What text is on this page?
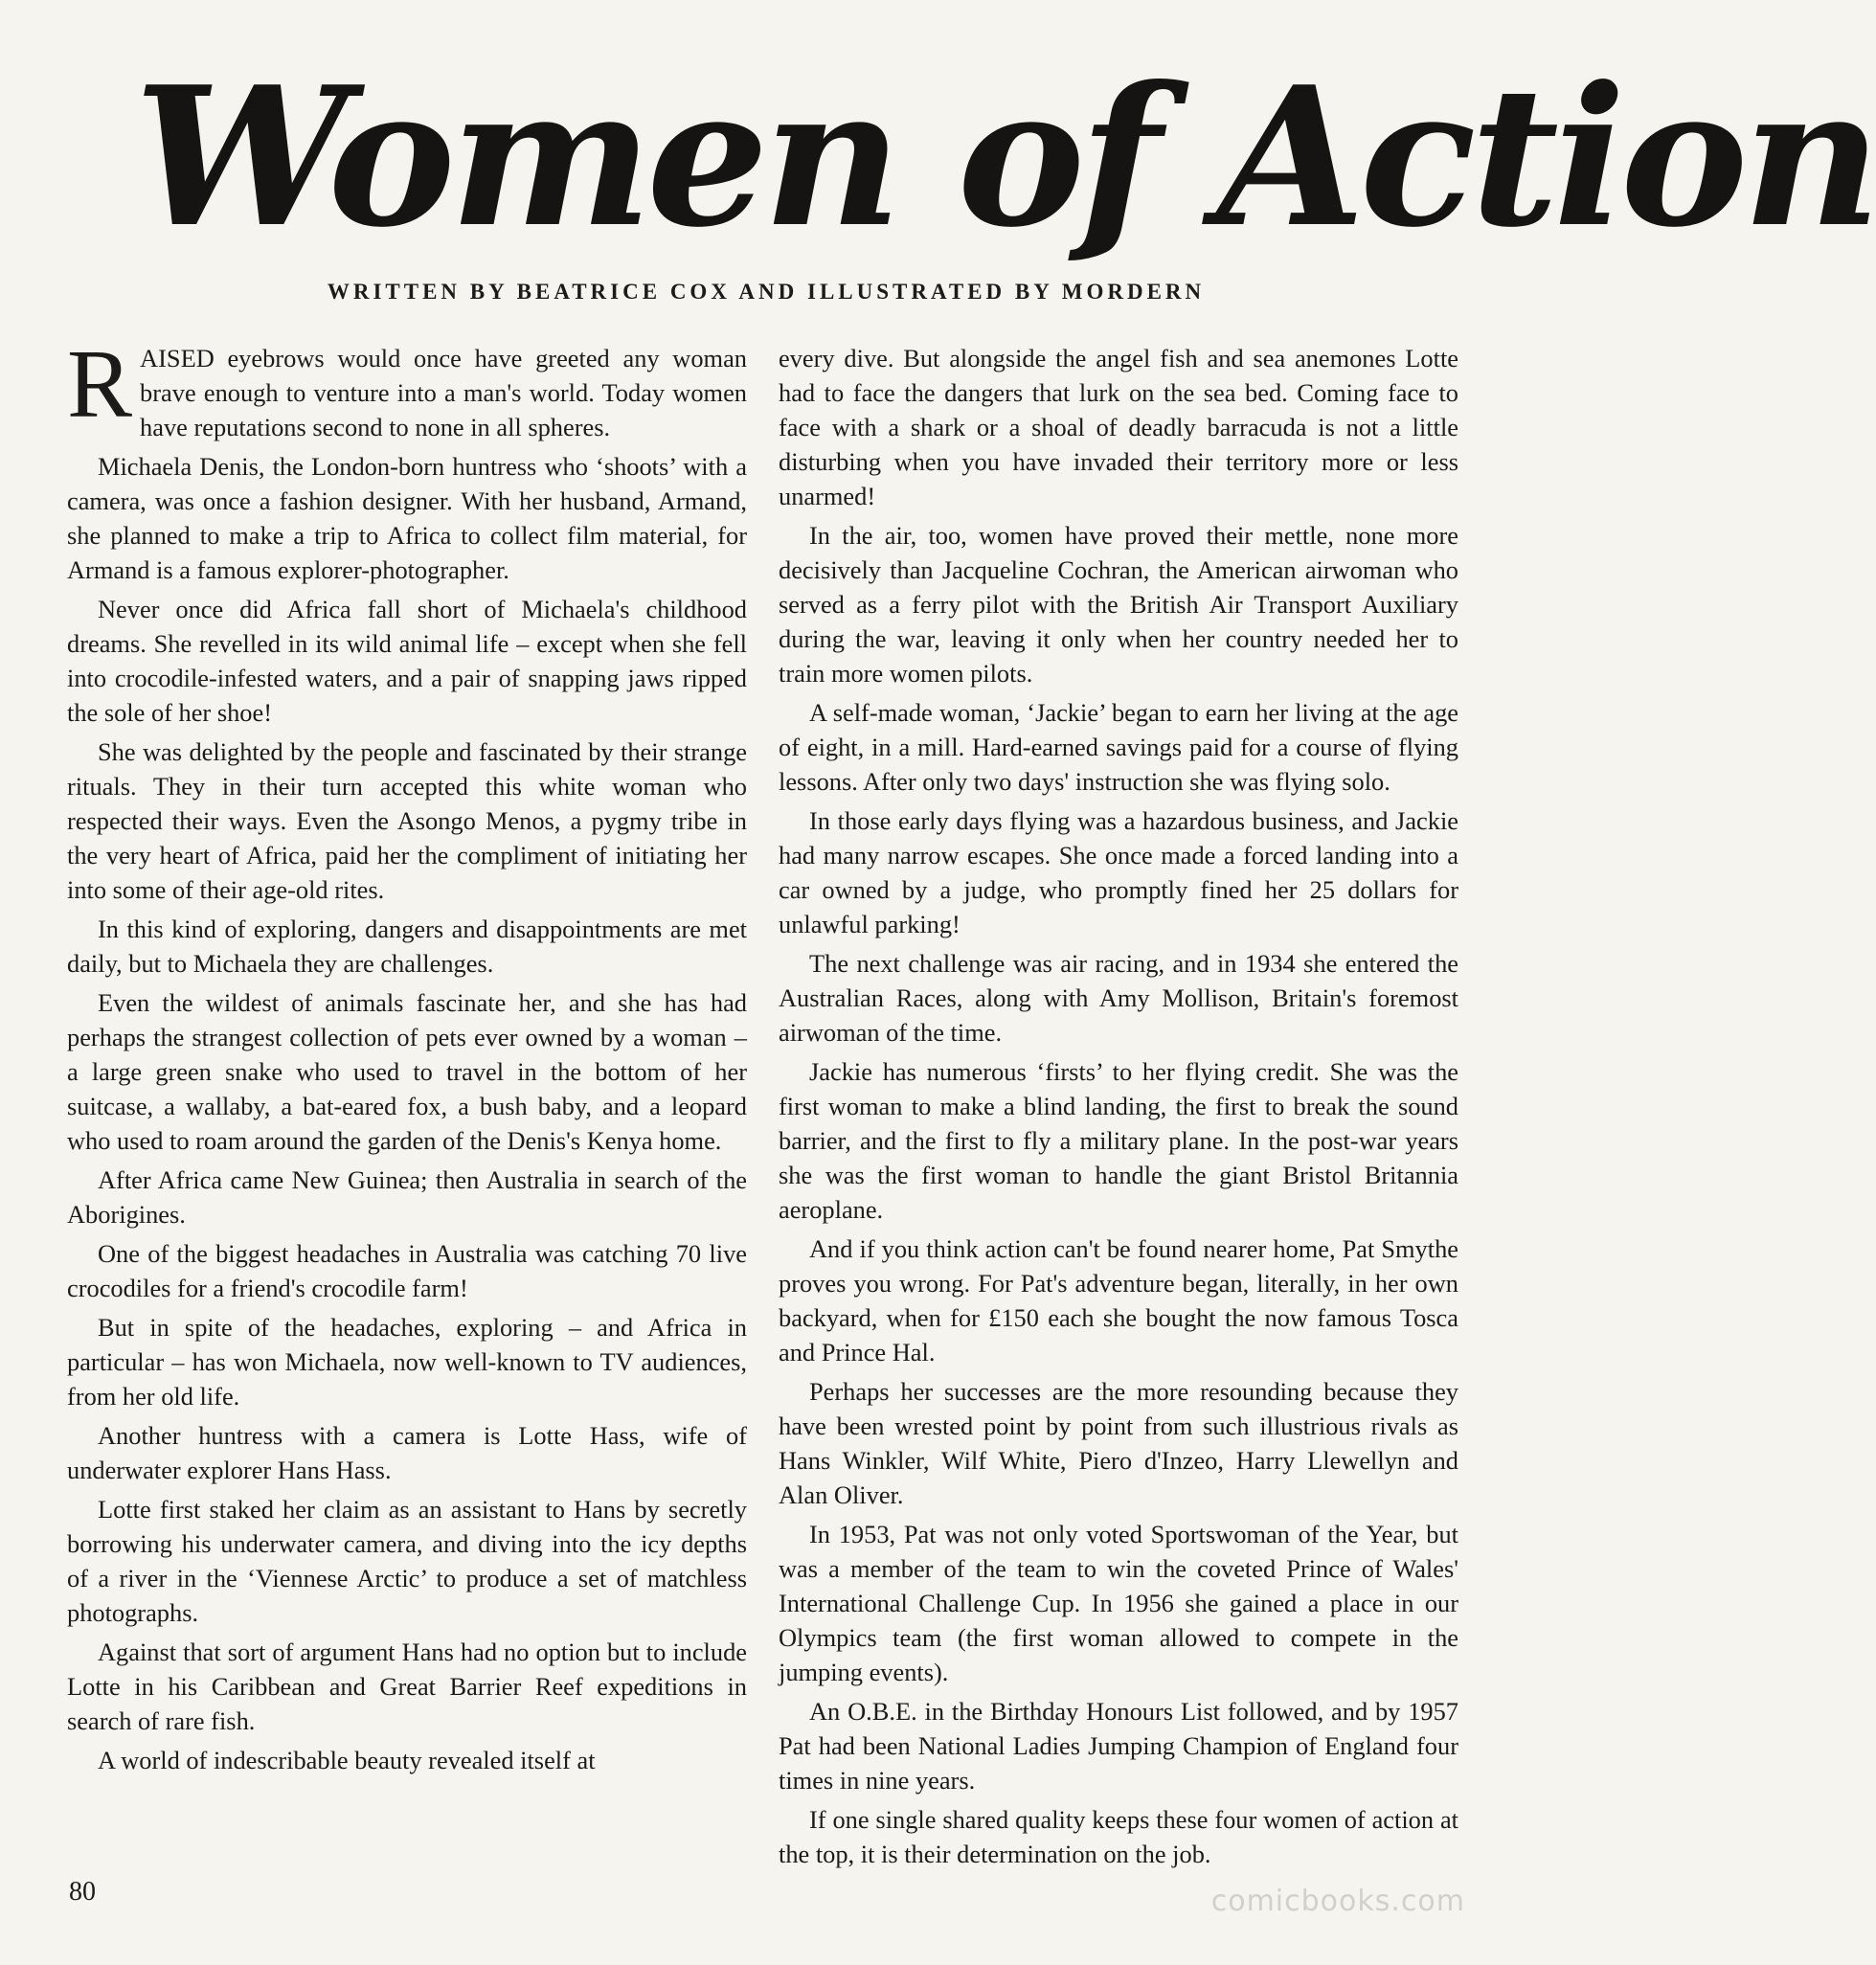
Women of Action
WRITTEN BY BEATRICE COX AND ILLUSTRATED BY MORDERN

RAISED eyebrows would once have greeted any woman brave enough to venture into a man's world. Today women have reputations second to none in all spheres.

Michaela Denis, the London-born huntress who ‘shoots’ with a camera, was once a fashion designer. With her husband, Armand, she planned to make a trip to Africa to collect film material, for Armand is a famous explorer-photographer.

Never once did Africa fall short of Michaela's childhood dreams. She revelled in its wild animal life – except when she fell into crocodile-infested waters, and a pair of snapping jaws ripped the sole of her shoe!

She was delighted by the people and fascinated by their strange rituals. They in their turn accepted this white woman who respected their ways. Even the Asongo Menos, a pygmy tribe in the very heart of Africa, paid her the compliment of initiating her into some of their age-old rites.

In this kind of exploring, dangers and disappointments are met daily, but to Michaela they are challenges.

Even the wildest of animals fascinate her, and she has had perhaps the strangest collection of pets ever owned by a woman – a large green snake who used to travel in the bottom of her suitcase, a wallaby, a bat-eared fox, a bush baby, and a leopard who used to roam around the garden of the Denis's Kenya home.

After Africa came New Guinea; then Australia in search of the Aborigines.

One of the biggest headaches in Australia was catching 70 live crocodiles for a friend's crocodile farm!

But in spite of the headaches, exploring – and Africa in particular – has won Michaela, now well-known to TV audiences, from her old life.

Another huntress with a camera is Lotte Hass, wife of underwater explorer Hans Hass.

Lotte first staked her claim as an assistant to Hans by secretly borrowing his underwater camera, and diving into the icy depths of a river in the ‘Viennese Arctic’ to produce a set of matchless photographs.

Against that sort of argument Hans had no option but to include Lotte in his Caribbean and Great Barrier Reef expeditions in search of rare fish.

A world of indescribable beauty revealed itself at

every dive. But alongside the angel fish and sea anemones Lotte had to face the dangers that lurk on the sea bed. Coming face to face with a shark or a shoal of deadly barracuda is not a little disturbing when you have invaded their territory more or less unarmed!

In the air, too, women have proved their mettle, none more decisively than Jacqueline Cochran, the American airwoman who served as a ferry pilot with the British Air Transport Auxiliary during the war, leaving it only when her country needed her to train more women pilots.

A self-made woman, ‘Jackie’ began to earn her living at the age of eight, in a mill. Hard-earned savings paid for a course of flying lessons. After only two days' instruction she was flying solo.

In those early days flying was a hazardous business, and Jackie had many narrow escapes. She once made a forced landing into a car owned by a judge, who promptly fined her 25 dollars for unlawful parking!

The next challenge was air racing, and in 1934 she entered the Australian Races, along with Amy Mollison, Britain's foremost airwoman of the time.

Jackie has numerous ‘firsts’ to her flying credit. She was the first woman to make a blind landing, the first to break the sound barrier, and the first to fly a military plane. In the post-war years she was the first woman to handle the giant Bristol Britannia aeroplane.

And if you think action can't be found nearer home, Pat Smythe proves you wrong. For Pat's adventure began, literally, in her own backyard, when for £150 each she bought the now famous Tosca and Prince Hal.

Perhaps her successes are the more resounding because they have been wrested point by point from such illustrious rivals as Hans Winkler, Wilf White, Piero d'Inzeo, Harry Llewellyn and Alan Oliver.

In 1953, Pat was not only voted Sportswoman of the Year, but was a member of the team to win the coveted Prince of Wales' International Challenge Cup. In 1956 she gained a place in our Olympics team (the first woman allowed to compete in the jumping events).

An O.B.E. in the Birthday Honours List followed, and by 1957 Pat had been National Ladies Jumping Champion of England four times in nine years.

If one single shared quality keeps these four women of action at the top, it is their determination on the job.

80	comicbooks.com
